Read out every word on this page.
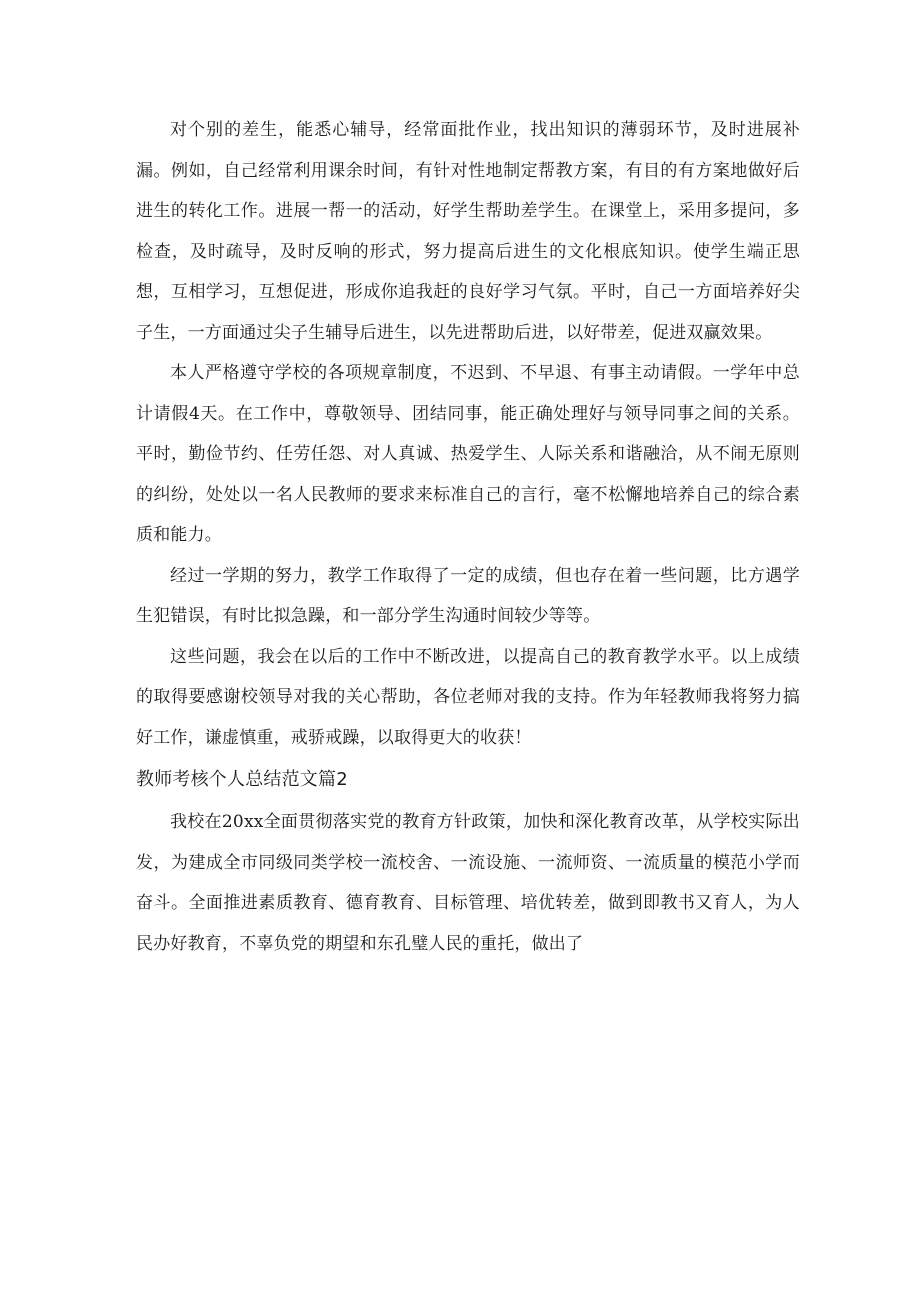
对个别的差生，能悉心辅导，经常面批作业，找出知识的薄弱环节，及时进展补漏。例如，自己经常利用课余时间，有针对性地制定帮教方案，有目的有方案地做好后进生的转化工作。进展一帮一的活动，好学生帮助差学生。在课堂上，采用多提问，多检查，及时疏导，及时反响的形式，努力提高后进生的文化根底知识。使学生端正思想，互相学习，互想促进，形成你追我赶的良好学习气氛。平时，自己一方面培养好尖子生，一方面通过尖子生辅导后进生，以先进帮助后进，以好带差，促进双赢效果。

本人严格遵守学校的各项规章制度，不迟到、不早退、有事主动请假。一学年中总计请假4天。在工作中，尊敬领导、团结同事，能正确处理好与领导同事之间的关系。平时，勤俭节约、任劳任怨、对人真诚、热爱学生、人际关系和谐融洽，从不闹无原则的纠纷，处处以一名人民教师的要求来标准自己的言行，毫不松懈地培养自己的综合素质和能力。

经过一学期的努力，教学工作取得了一定的成绩，但也存在着一些问题，比方遇学生犯错误，有时比拟急躁，和一部分学生沟通时间较少等等。

这些问题，我会在以后的工作中不断改进，以提高自己的教育教学水平。以上成绩的取得要感谢校领导对我的关心帮助，各位老师对我的支持。作为年轻教师我将努力搞好工作，谦虚慎重，戒骄戒躁，以取得更大的收获！

教师考核个人总结范文篇2

我校在20xx全面贯彻落实党的教育方针政策，加快和深化教育改革，从学校实际出发，为建成全市同级同类学校一流校舍、一流设施、一流师资、一流质量的模范小学而奋斗。全面推进素质教育、德育教育、目标管理、培优转差，做到即教书又育人，为人民办好教育，不辜负党的期望和东孔璧人民的重托，做出了
